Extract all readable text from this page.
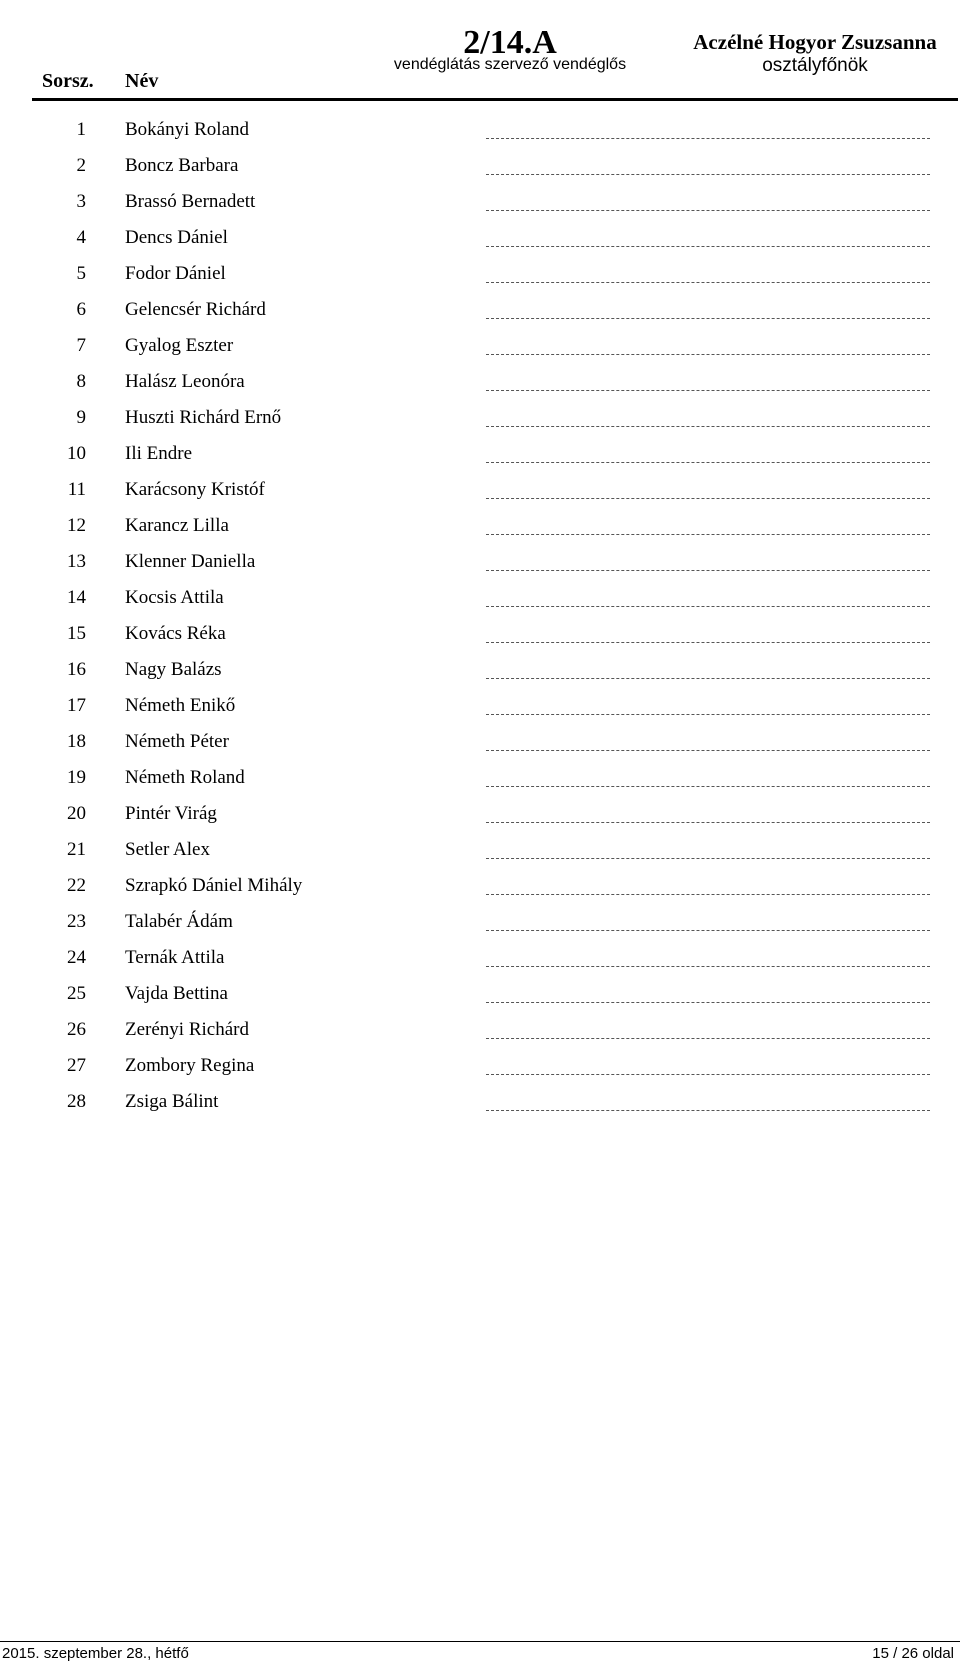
Sorsz. Név
2/14.A
vendéglátás szervező vendéglős
Aczélné Hogyor Zsuzsanna
osztályfőnök
1 Bokányi Roland
2 Boncz Barbara
3 Brassó Bernadett
4 Dencs Dániel
5 Fodor Dániel
6 Gelencsér Richárd
7 Gyalog Eszter
8 Halász Leonóra
9 Huszti Richárd Ernő
10 Ili Endre
11 Karácsony Kristóf
12 Karancz Lilla
13 Klenner Daniella
14 Kocsis Attila
15 Kovács Réka
16 Nagy Balázs
17 Németh Enikő
18 Németh Péter
19 Németh Roland
20 Pintér Virág
21 Setler Alex
22 Szrapkó Dániel Mihály
23 Talabér Ádám
24 Ternák Attila
25 Vajda Bettina
26 Zerényi Richárd
27 Zombory Regina
28 Zsiga Bálint
2015. szeptember 28., hétfő	15 / 26 oldal
